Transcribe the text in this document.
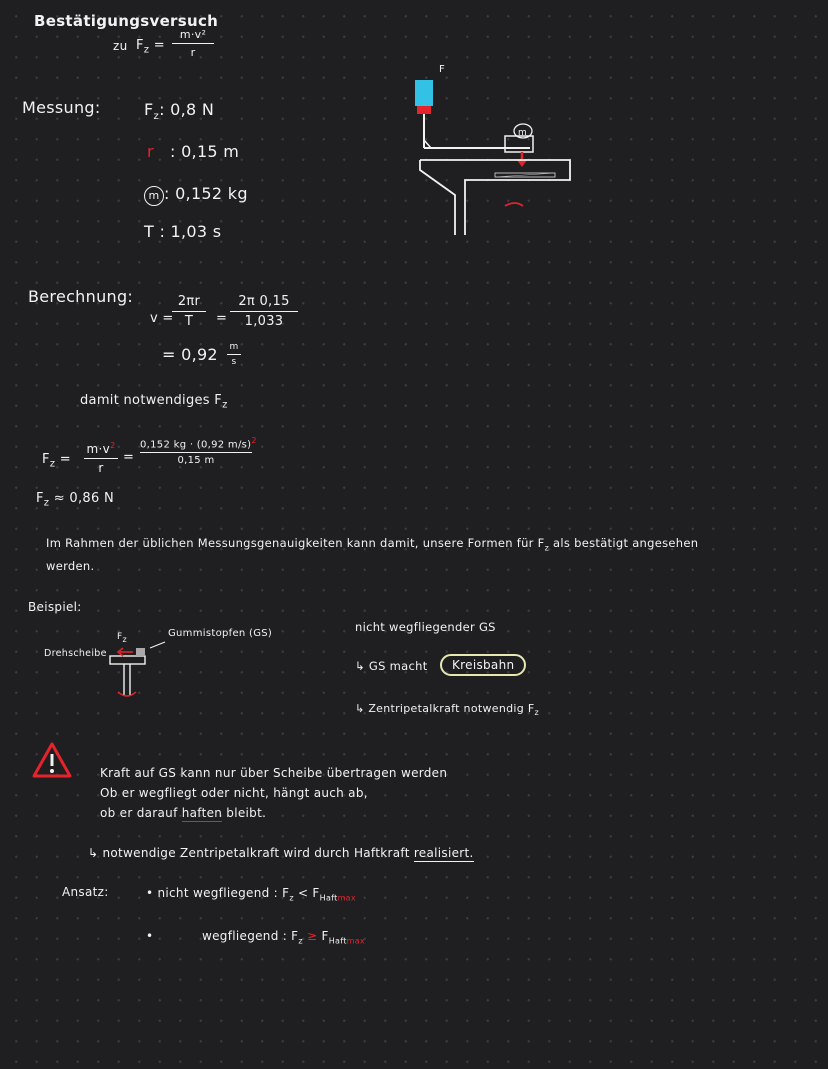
Bestätigungsversuch
zu $F_z$ =
m·v²
r
Messung:	$F_z$: 0,8 N
r : 0,15 m
m : 0,152 kg
T : 1,03 s
m
F
Berechnung:
v =
2πr
T	=
2π 0,15
1,033
= 0,92 m
s
damit notwendiges $F_z$
$F_z$ =
$m\cdot v^2$
r
=
0,152 kg · (0,92 m/s)$^2$
0,15 m
$F_z \approx 0,86$ N
Im Rahmen der üblichen Messungsgenauigkeiten kann damit, unsere Formen für $F_z$ als bestätigt angesehen
werden.
Beispiel:
Drehscheibe
$F_z$
Gummistopfen (GS)	nicht wegfliegender GS
↳ GS macht	Kreisbahn
↳ Zentripetalkraft notwendig $F_z$
Kraft auf GS kann nur über Scheibe übertragen werden
Ob er wegfliegt oder nicht, hängt auch ab,
ob er darauf haften bleibt.
↳ notwendige Zentripetalkraft wird durch Haftkraft realisiert.
Ansatz:	• nicht wegfliegend : $F_z < F_{Haftmax}$
•	wegfliegend : $F_z \ge F_{Haftmax}$
